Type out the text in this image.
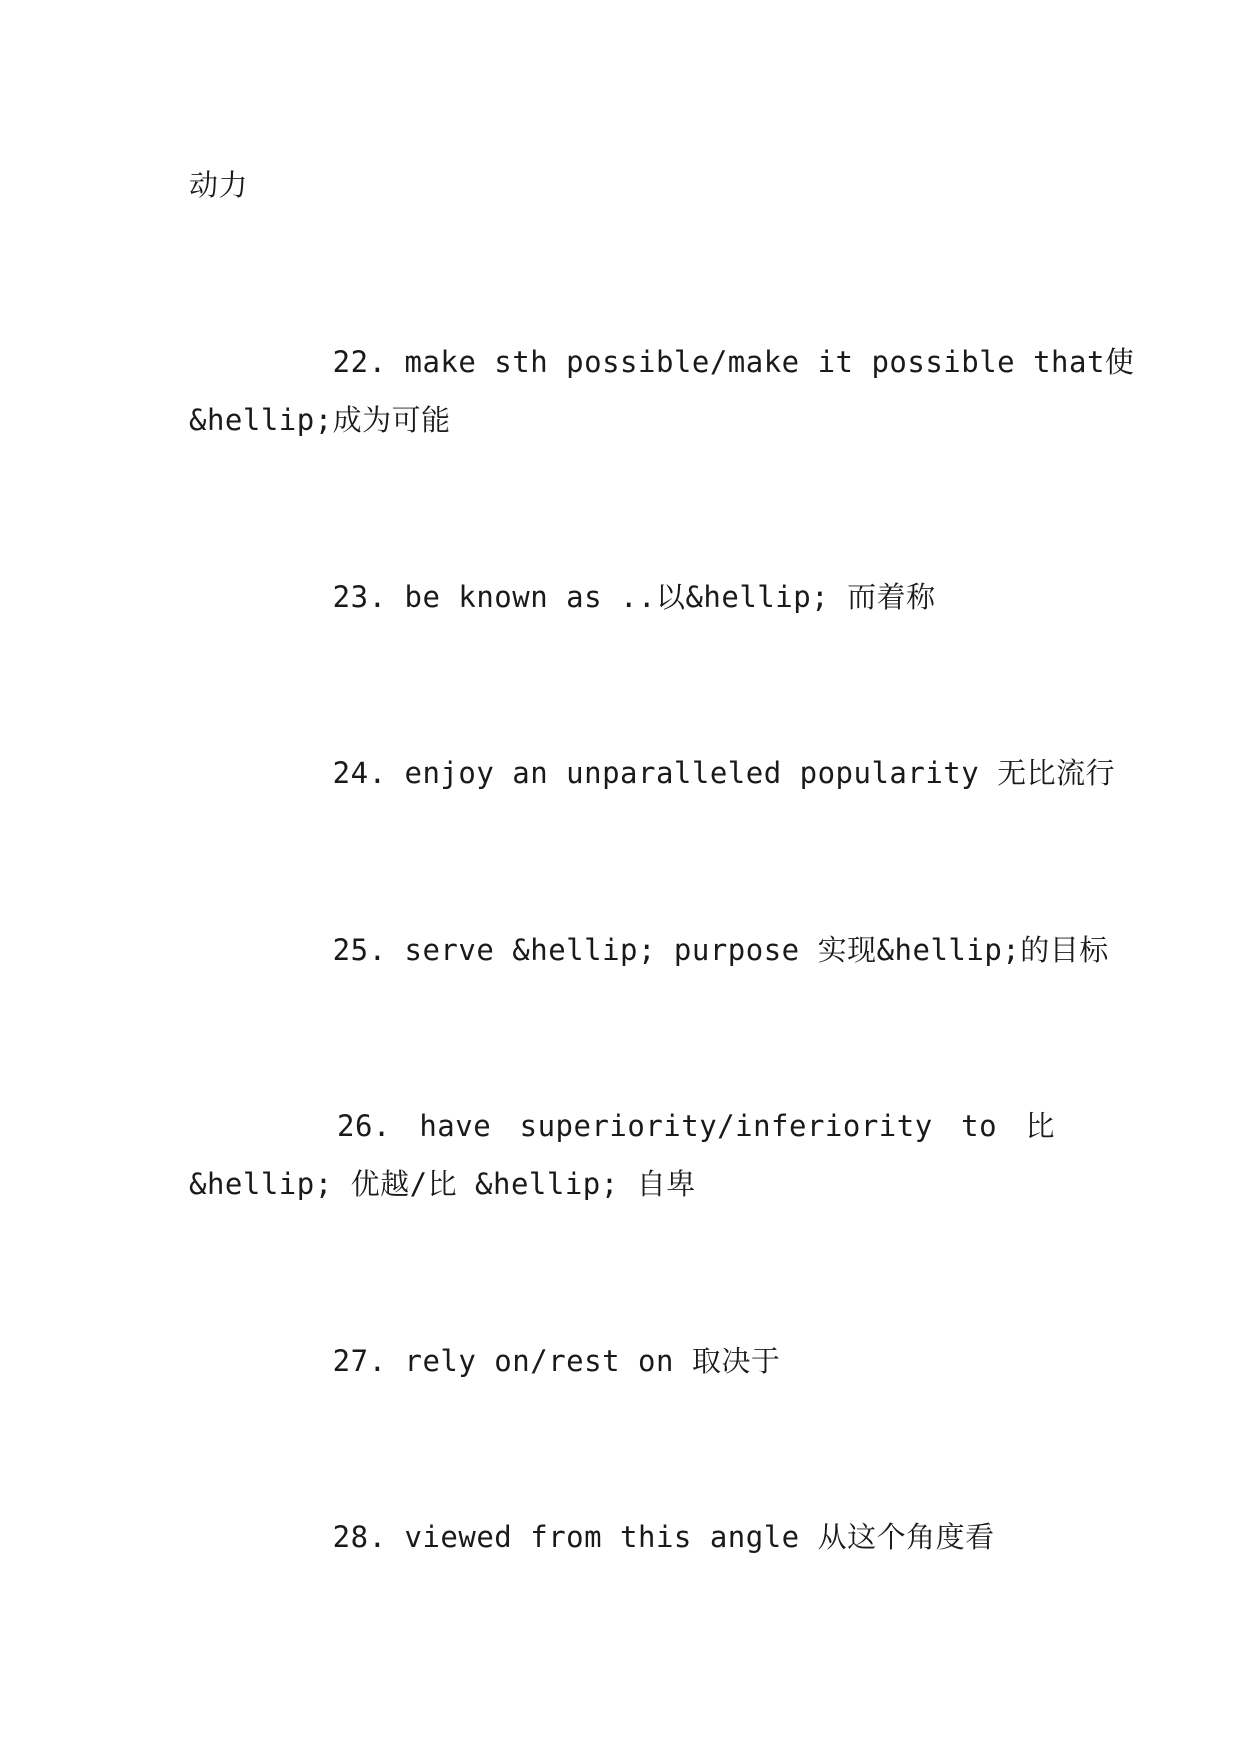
动力
22. make sth possible/make it possible that使
&hellip;成为可能
23. be known as ..以&hellip; 而着称
24. enjoy an unparalleled popularity 无比流行
25. serve &hellip; purpose 实现&hellip;的目标
26. have superiority/inferiority to 比
&hellip; 优越/比 &hellip; 自卑
27. rely on/rest on 取决于
28. viewed from this angle 从这个角度看
